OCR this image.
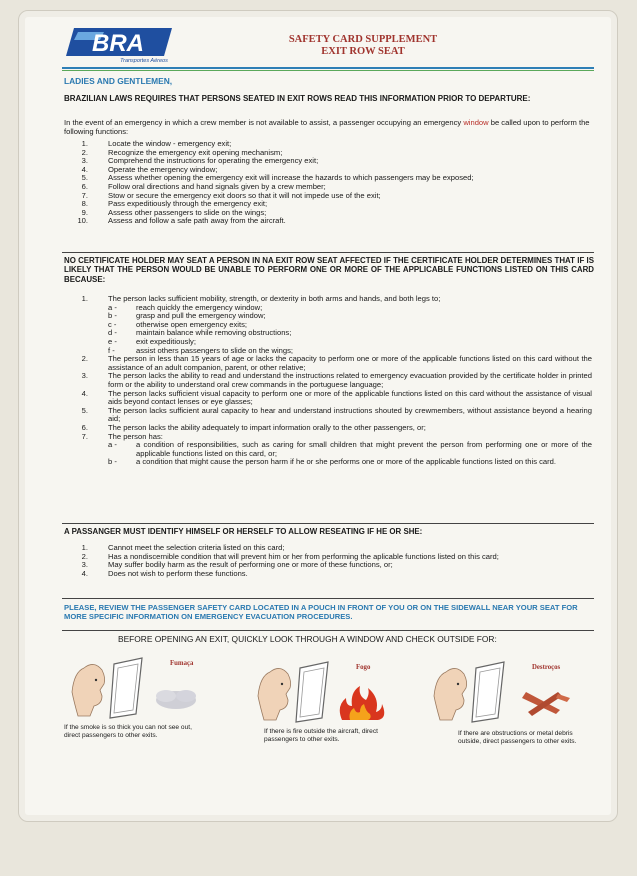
BRA
Transportes Aéreos
SAFETY CARD SUPPLEMENT
EXIT ROW SEAT
LADIES AND GENTLEMEN,
BRAZILIAN LAWS REQUIRES THAT PERSONS SEATED IN EXIT ROWS READ THIS INFORMATION PRIOR TO DEPARTURE:
In the event of an emergency in which a crew member is not available to assist, a passenger occupying an emergency window be called upon to perform the following functions:
1.	Locate the window - emergency exit;
2.	Recognize the emergency exit opening mechanism;
3.	Comprehend the instructions for operating the emergency exit;
4.	Operate the emergency window;
5.	Assess whether opening the emergency exit will increase the hazards to which passengers may be exposed;
6.	Follow oral directions and hand signals given by a crew member;
7.	Stow or secure the emergency exit doors so that it will not impede use of the exit;
8.	Pass expeditiously through the emergency exit;
9.	Assess other passengers to slide on the wings;
10.	Assess and follow a safe path away from the aircraft.
NO CERTIFICATE HOLDER MAY SEAT A PERSON IN NA EXIT ROW SEAT AFFECTED IF THE CERTIFICATE HOLDER DETERMINES THAT IF IS LIKELY THAT THE PERSON WOULD BE UNABLE TO PERFORM ONE OR MORE OF THE APPLICABLE FUNCTIONS LISTED ON THIS CARD BECAUSE:
1.	The person lacks sufficient mobility, strength, or dexterity in both arms and hands, and both legs to;
a -	reach quickly the emergency window;
b -	grasp and pull the emergency window;
c -	otherwise open emergency exits;
d -	maintain balance while removing obstructions;
e -	exit expeditiously;
f -	assist others passengers to slide on the wings;
2.	The person in less than 15 years of age or lacks the capacity to perform one or more of the applicable functions listed on this card without the assistance of an adult companion, parent, or other relative;
3.	The person lacks the ability to read and understand the instructions related to emergency evacuation provided by the certificate holder in printed form or the ability to understand oral crew commands in the portuguese language;
4.	The person lacks sufficient visual capacity to perform one or more of the applicable functions listed on this card without the assistance of visual aids beyond contact lenses or eye glasses;
5.	The person lacks sufficient aural capacity to hear and understand instructions shouted by crewmembers, without assistance beyond a hearing aid;
6.	The person lacks the ability adequately to impart information orally to the other passengers, or;
7.	The person has:
a -	a condition of responsibilities, such as caring for small children that might prevent the person from performing one or more of the applicable functions listed on this card, or;
b -	a condition that might cause the person harm if he or she performs one or more of the applicable functions listed on this card.
A PASSANGER MUST IDENTIFY HIMSELF OR HERSELF TO ALLOW RESEATING IF HE OR SHE:
1.	Cannot meet the selection criteria listed on this card;
2.	Has a nondiscernible condition that will prevent him or her from performing the aplicable functions listed on this card;
3.	May suffer bodily harm as the result of performing one or more of these functions, or;
4.	Does not wish to perform these functions.
PLEASE, REVIEW THE PASSENGER SAFETY CARD LOCATED IN A POUCH IN FRONT OF YOU OR ON THE SIDEWALL NEAR YOUR SEAT FOR MORE SPECIFIC INFORMATION ON EMERGENCY EVACUATION PROCEDURES.
BEFORE OPENING AN EXIT, QUICKLY LOOK THROUGH A WINDOW AND CHECK OUTSIDE FOR:
Fumaça
If the smoke is so thick you can not see out, direct passengers to other exits.
Fogo
If there is fire outside the aircraft, direct passengers to other exits.
Destroços
If there are obstructions or metal debris outside, direct passengers to other exits.
